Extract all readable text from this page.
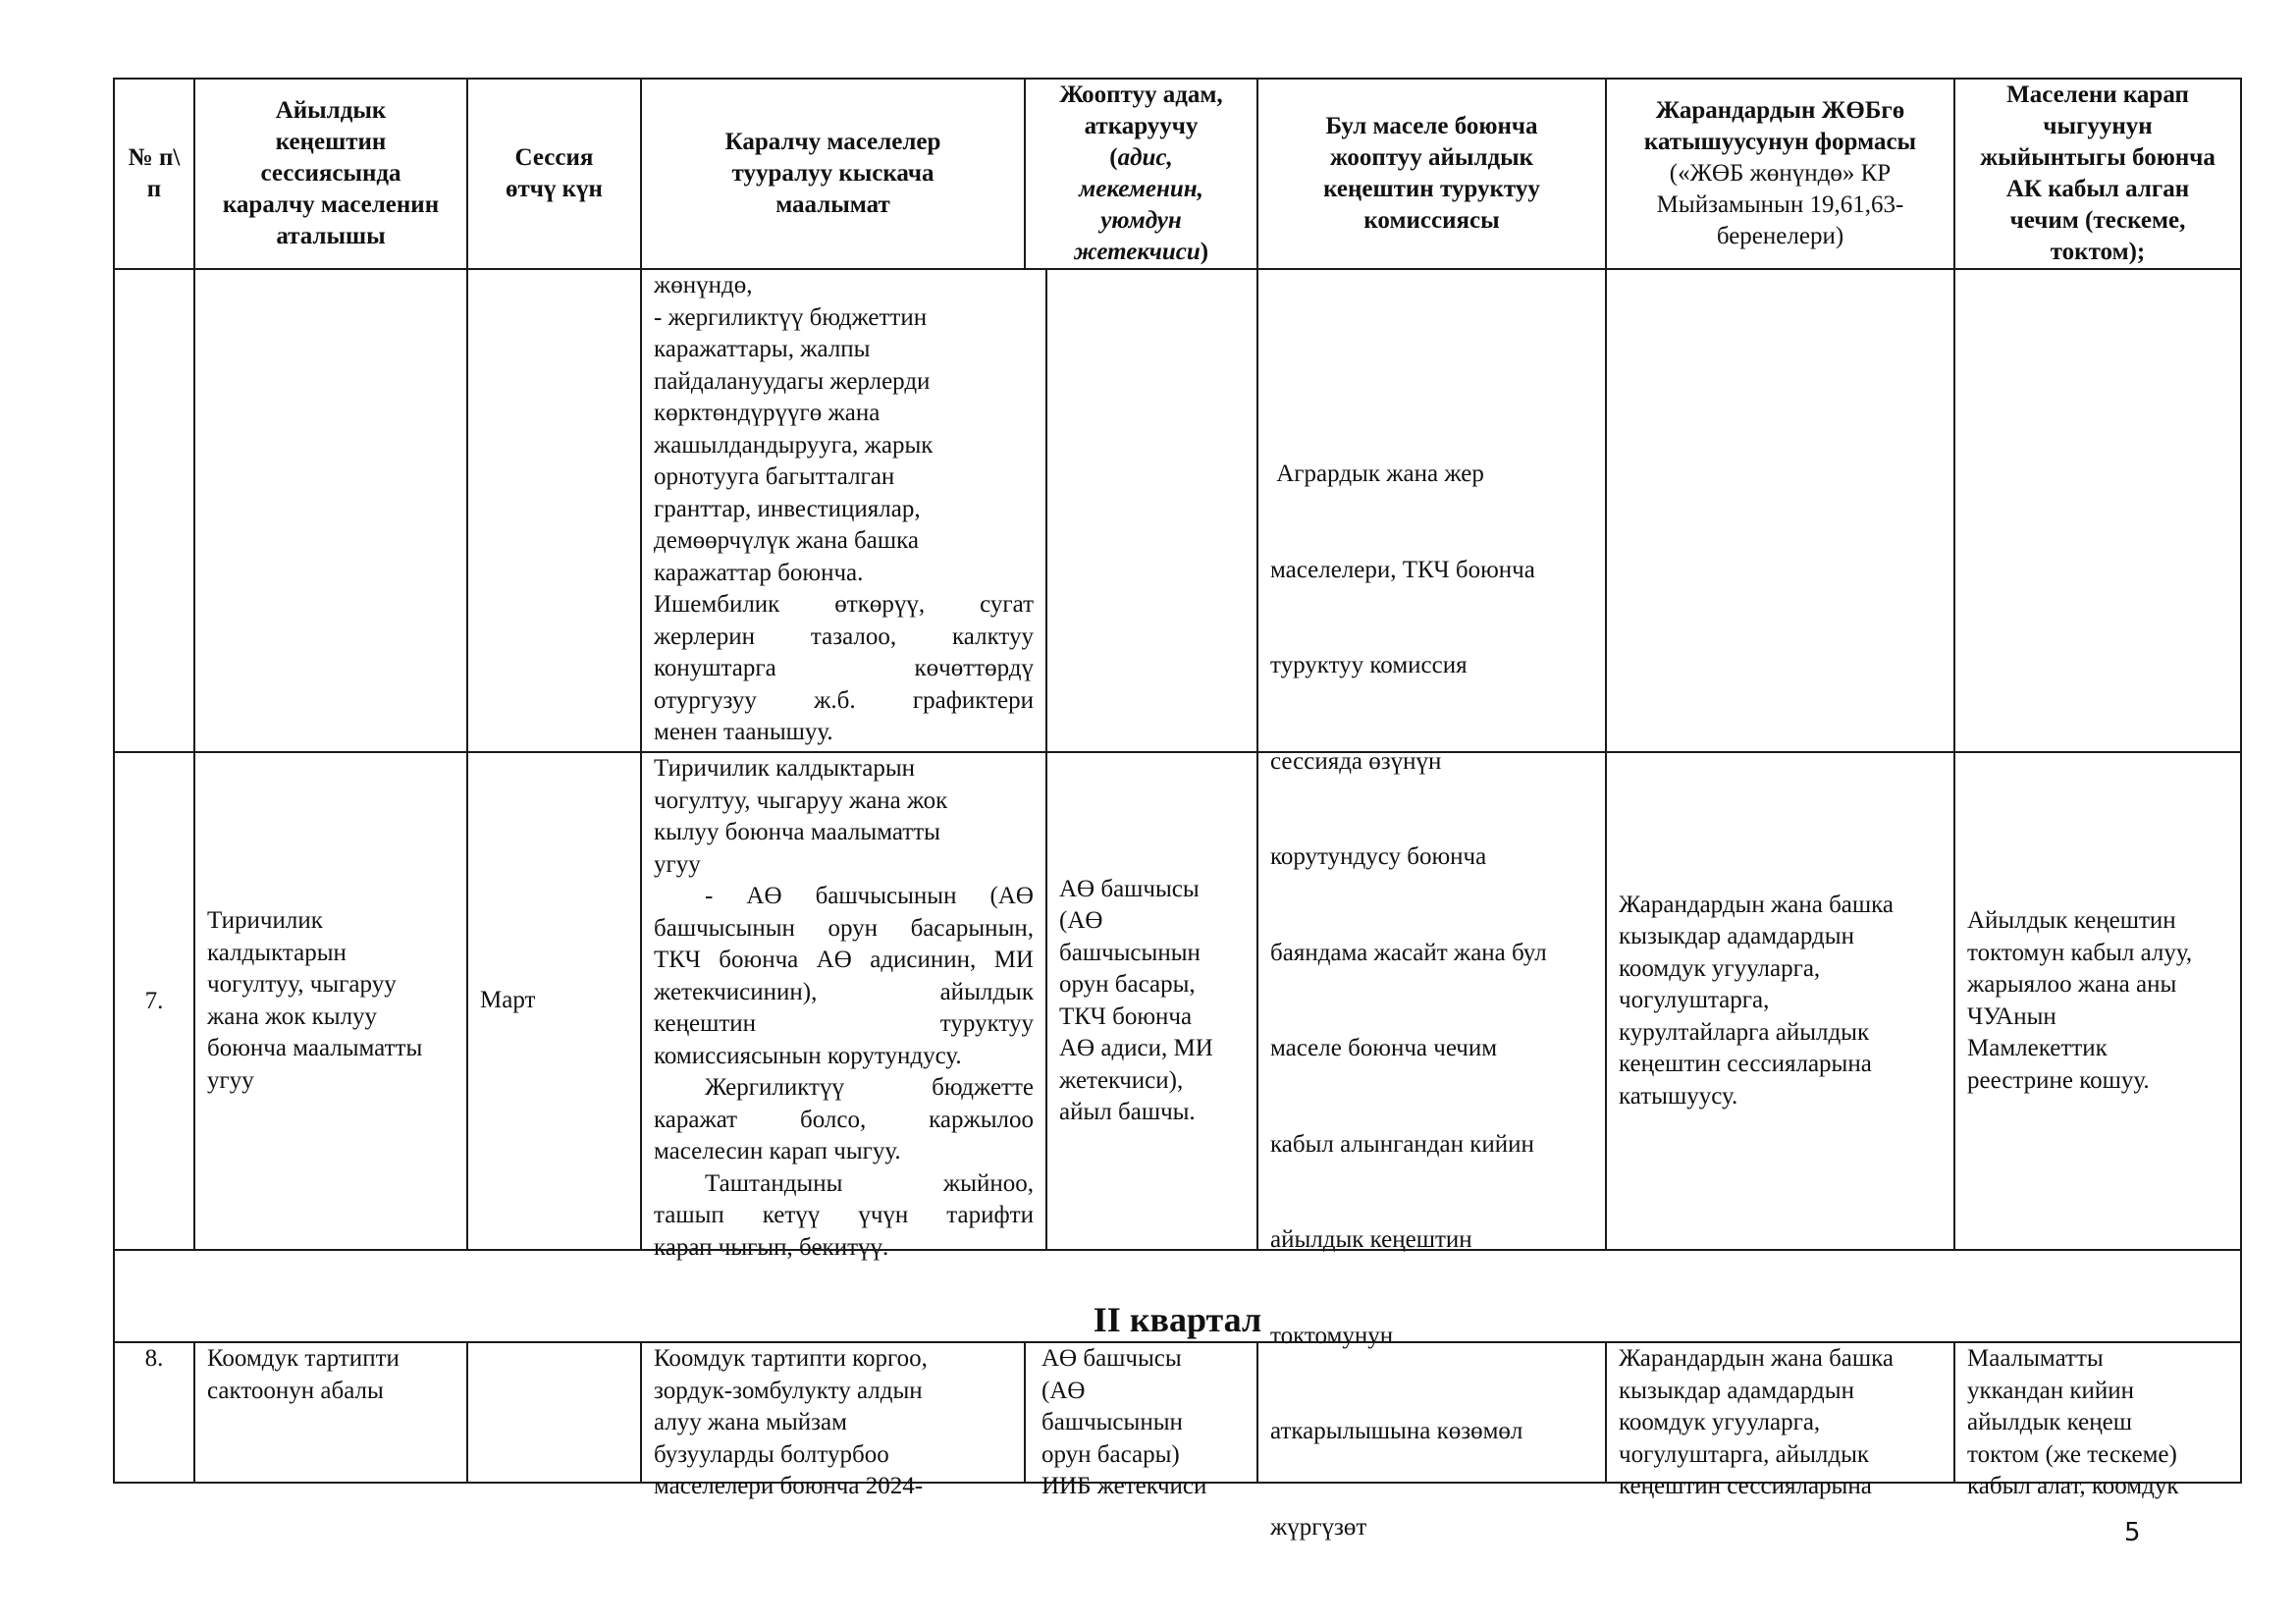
№ п\
п
Айылдык
кеңештин
сессиясында
каралчу маселенин
аталышы
Сессия
өтчү күн
Каралчу маселелер
тууралуу кыскача
маалымат
Жооптуу адам,
аткаруучу
(адис,
мекеменин,
уюмдун
жетекчиси)
Бул маселе боюнча
жооптуу айылдык
кеңештин туруктуу
комиссиясы
Жарандардын ЖӨБгө
катышуусунун формасы
(«ЖӨБ жөнүндө» КР
Мыйзамынын 19,61,63-
беренелери)
Маселени карап
чыгуунун
жыйынтыгы боюнча
АК кабыл алган
чечим (тескеме,
токтом);
жөнүндө,
- жергиликтүү бюджеттин
каражаттары, жалпы
пайдалануудагы жерлерди
көрктөндүрүүгө жана
жашылдандырууга, жарык
орнотууга багытталган
гранттар, инвестициялар,
демөөрчүлүк жана башка
каражаттар боюнча.
Ишембилик өткөрүү, сугат
жерлерин тазалоо, калктуу
конуштарга көчөттөрдү
отургузуу ж.б. графиктери
менен таанышуу.
7.
Тиричилик
калдыктарын
чогултуу, чыгаруу
жана жок кылуу
боюнча маалыматты
угуу
Март
Тиричилик калдыктарын
чогултуу, чыгаруу жана жок
кылуу боюнча маалыматты
угуу
- АӨ башчысынын (АӨ
башчысынын орун басарынын,
ТКЧ боюнча АӨ адисинин, МИ
жетекчисинин), айылдык
кеңештин туруктуу
комиссиясынын корутундусу.
Жергиликтүү бюджетте
каражат болсо, каржылоо
маселесин карап чыгуу.
Таштандыны жыйноо,
ташып кетүү үчүн тарифти
карап чыгып, бекитүү.
АӨ башчысы
(АӨ
башчысынын
орун басары,
ТКЧ боюнча
АӨ адиси, МИ
жетекчиси),
айыл башчы.

Агрардык жана жер

маселелери, ТКЧ боюнча

туруктуу комиссия

сессияда өзүнүн

корутундусу боюнча

баяндама жасайт жана бул

маселе боюнча чечим

кабыл алынгандан кийин

айылдык кеңештин

токтомунун

аткарылышына көзөмөл

жүргүзөт

Жарандардын жана башка
кызыкдар адамдардын
коомдук угууларга,
чогулуштарга,
курултайларга айылдык
кеңештин сессияларына
катышуусу.
Айылдык кеңештин
токтомун кабыл алуу,
жарыялоо жана аны
ЧУАнын
Мамлекеттик
реестрине кошуу.
II квартал
8.	Коомдук тартипти
сактоонун абалы
Коомдук тартипти коргоо,
зордук-зомбулукту алдын
алуу жана мыйзам
бузууларды болтурбоо
маселелери боюнча 2024-
АӨ башчысы
(АӨ
башчысынын
орун басары)
ИИБ жетекчиси
Жарандардын жана башка
кызыкдар адамдардын
коомдук угууларга,
чогулуштарга, айылдык
кеңештин сессияларына
Маалыматты
уккандан кийин
айылдык кеңеш
токтом (же тескеме)
кабыл алат, коомдук
5
